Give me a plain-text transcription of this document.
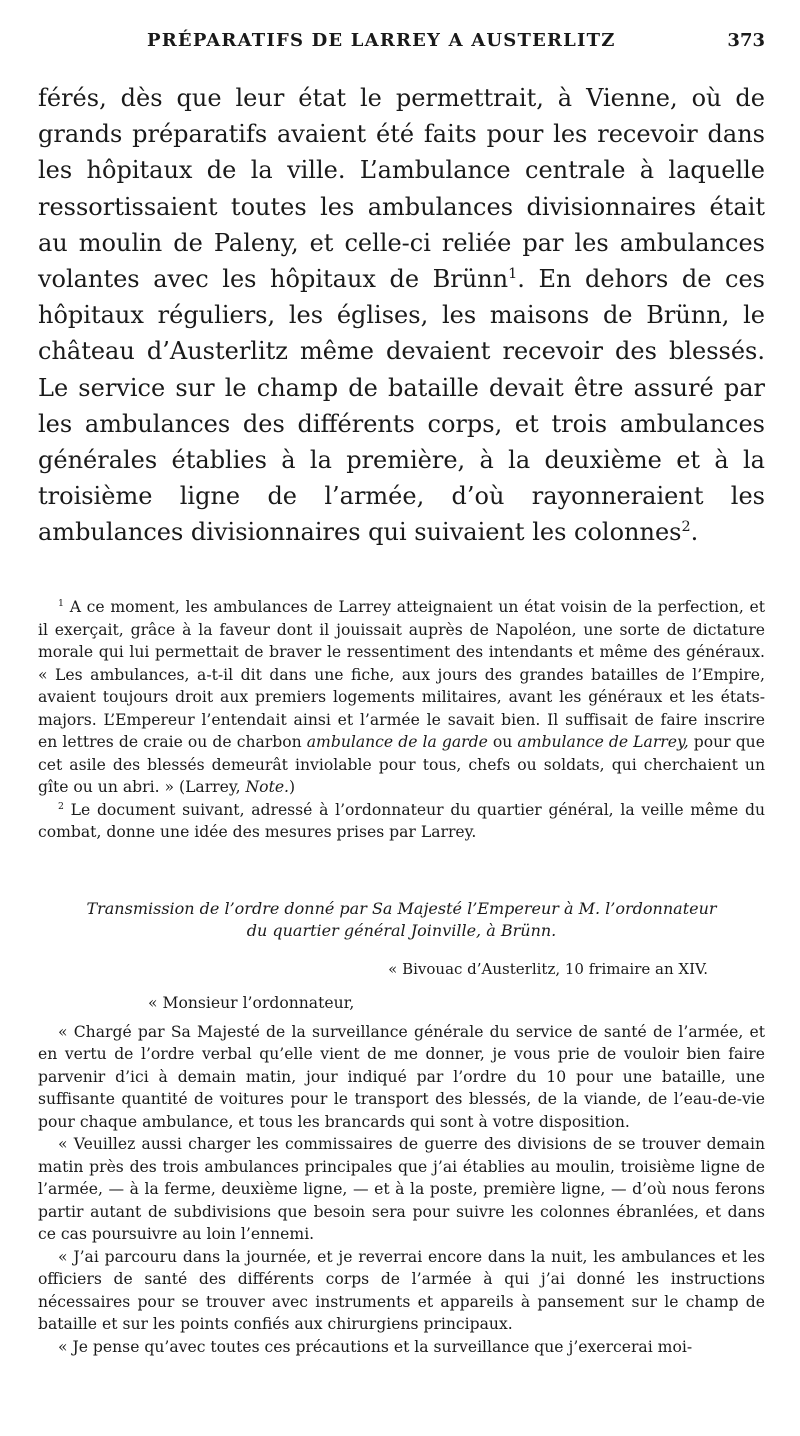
PRÉPARATIFS DE LARREY A AUSTERLITZ	373

férés, dès que leur état le permettrait, à Vienne, où de grands préparatifs avaient été faits pour les recevoir dans les hôpitaux de la ville. L’ambulance centrale à laquelle ressortissaient toutes les ambulances divisionnaires était au moulin de Paleny, et celle-ci reliée par les ambulances volantes avec les hôpitaux de Brünn$^1$. En dehors de ces hôpitaux réguliers, les églises, les maisons de Brünn, le château d’Austerlitz même devaient recevoir des blessés. Le service sur le champ de bataille devait être assuré par les ambulances des différents corps, et trois ambulances générales établies à la première, à la deuxième et à la troisième ligne de l’armée, d’où rayonneraient les ambulances divisionnaires qui suivaient les colonnes$^2$.

$^1$ A ce moment, les ambulances de Larrey atteignaient un état voisin de la perfection, et il exerçait, grâce à la faveur dont il jouissait auprès de Napoléon, une sorte de dictature morale qui lui permettait de braver le ressentiment des intendants et même des généraux. « Les ambulances, a-t-il dit dans une fiche, aux jours des grandes batailles de l’Empire, avaient toujours droit aux premiers logements militaires, avant les généraux et les états-majors. L’Empereur l’entendait ainsi et l’armée le savait bien. Il suffisait de faire inscrire en lettres de craie ou de charbon ambulance de la garde ou ambulance de Larrey, pour que cet asile des blessés demeurât inviolable pour tous, chefs ou soldats, qui cherchaient un gîte ou un abri. » (Larrey, Note.)

$^2$ Le document suivant, adressé à l’ordonnateur du quartier général, la veille même du combat, donne une idée des mesures prises par Larrey.

Transmission de l’ordre donné par Sa Majesté l’Empereur à M. l’ordonnateur
du quartier général Joinville, à Brünn.
« Bivouac d’Austerlitz, 10 frimaire an XIV.

« Monsieur l’ordonnateur,

« Chargé par Sa Majesté de la surveillance générale du service de santé de l’armée, et en vertu de l’ordre verbal qu’elle vient de me donner, je vous prie de vouloir bien faire parvenir d’ici à demain matin, jour indiqué par l’ordre du 10 pour une bataille, une suffisante quantité de voitures pour le transport des blessés, de la viande, de l’eau-de-vie pour chaque ambulance, et tous les brancards qui sont à votre disposition.

« Veuillez aussi charger les commissaires de guerre des divisions de se trouver demain matin près des trois ambulances principales que j’ai établies au moulin, troisième ligne de l’armée, — à la ferme, deuxième ligne, — et à la poste, première ligne, — d’où nous ferons partir autant de subdivisions que besoin sera pour suivre les colonnes ébranlées, et dans ce cas poursuivre au loin l’ennemi.

« J’ai parcouru dans la journée, et je reverrai encore dans la nuit, les ambulances et les officiers de santé des différents corps de l’armée à qui j’ai donné les instructions nécessaires pour se trouver avec instruments et appareils à pansement sur le champ de bataille et sur les points confiés aux chirurgiens principaux.

« Je pense qu’avec toutes ces précautions et la surveillance que j’exercerai moi-
